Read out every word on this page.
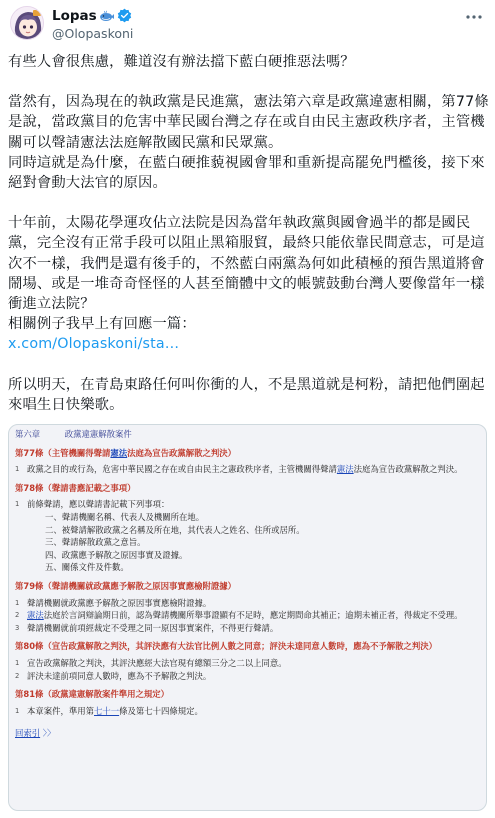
Lopas
@Olopaskoni

有些人會很焦慮，難道沒有辦法擋下藍白硬推惡法嗎？

當然有，因為現在的執政黨是民進黨，憲法第六章是政黨違憲相關，第77條是說，當政黨目的危害中華民國台灣之存在或自由民主憲政秩序者，主管機關可以聲請憲法法庭解散國民黨和民眾黨。
同時這就是為什麼，在藍白硬推藐視國會罪和重新提高罷免門檻後，接下來絕對會動大法官的原因。

十年前，太陽花學運攻佔立法院是因為當年執政黨與國會過半的都是國民黨，完全沒有正常手段可以阻止黑箱服貿，最終只能依靠民間意志，可是這次不一樣，我們是還有後手的，不然藍白兩黨為何如此積極的預告黑道將會鬧場、或是一堆奇奇怪怪的人甚至簡體中文的帳號鼓動台灣人要像當年一樣衝進立法院？
相關例子我早上有回應一篇：

x.com/Olopaskoni/sta…

所以明天，在青島東路任何叫你衝的人，不是黑道就是柯粉，請把他們圍起來唱生日快樂歌。

第六章	政黨違憲解散案件
第77條（主管機關得聲請憲法法庭為宣告政黨解散之判決）
1 政黨之目的或行為，危害中華民國之存在或自由民主之憲政秩序者，主管機關得聲請憲法法庭為宣告政黨解散之判決。
第78條（聲請書應記載之事項）
1 前條聲請，應以聲請書記載下列事項：
一、聲請機關名稱、代表人及機關所在地。
二、被聲請解散政黨之名稱及所在地，其代表人之姓名、住所或居所。
三、聲請解散政黨之意旨。
四、政黨應予解散之原因事實及證據。
五、關係文件及件數。
第79條（聲請機關就政黨應予解散之原因事實應檢附證據）
1 聲請機關就政黨應予解散之原因事實應檢附證據。
2 憲法法庭於言詞辯論期日前，認為聲請機關所舉事證顯有不足時，應定期間命其補正；逾期未補正者，得裁定不受理。
3 聲請機關就前項經裁定不受理之同一原因事實案件，不得更行聲請。
第80條（宣告政黨解散之判決，其評決應有大法官比例人數之同意；評決未達同意人數時，應為不予解散之判決）
1 宣告政黨解散之判決，其評決應經大法官現有總額三分之二以上同意。
2 評決未達前項同意人數時，應為不予解散之判決。
第81條（政黨違憲解散案件準用之規定）
1 本章案件，準用第七十一條及第七十四條規定。
回索引 〉〉
